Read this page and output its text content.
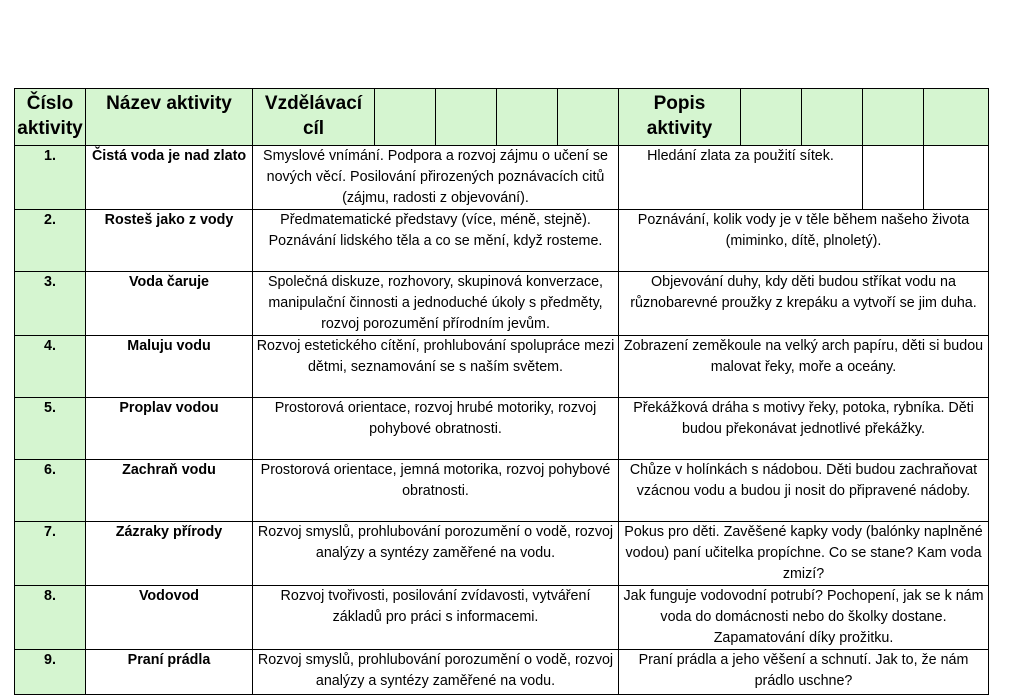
Číslo aktivity	Název aktivity	Vzdělávací cíl					Popis aktivity				
1.	Čistá voda je nad zlato	Smyslové vnímání. Podpora a rozvoj zájmu o učení se nových věcí. Posilování přirozených poznávacích citů (zájmu, radosti z objevování).					Hledání zlata za použití sítek.				
2.	Rosteš jako z vody	Předmatematické představy (více, méně, stejně). Poznávání lidského těla a co se mění, když rosteme.					Poznávání, kolik vody je v těle během našeho života (miminko, dítě, plnoletý).				
3.	Voda čaruje	Společná diskuze, rozhovory, skupinová konverzace, manipulační činnosti a jednoduché úkoly s předměty, rozvoj porozumění přírodním jevům.					Objevování duhy, kdy děti budou stříkat vodu na různobarevné proužky z krepáku a vytvoří se jim duha.				
4.	Maluju vodu	Rozvoj estetického cítění, prohlubování spolupráce mezi dětmi, seznamování se s naším světem.					Zobrazení zeměkoule na velký arch papíru, děti si budou malovat řeky, moře a oceány.				
5.	Proplav vodou	Prostorová orientace, rozvoj hrubé motoriky, rozvoj pohybové obratnosti.					Překážková dráha s motivy řeky, potoka, rybníka. Děti budou překonávat jednotlivé překážky.				
6.	Zachraň vodu	Prostorová orientace, jemná motorika, rozvoj pohybové obratnosti.					Chůze v holínkách s nádobou. Děti budou zachraňovat vzácnou vodu a budou ji nosit do připravené nádoby.				
7.	Zázraky přírody	Rozvoj smyslů, prohlubování porozumění o vodě, rozvoj analýzy a syntézy zaměřené na vodu.					Pokus pro děti. Zavěšené kapky vody (balónky naplněné vodou) paní učitelka propíchne. Co se stane? Kam voda zmizí?				
8.	Vodovod	Rozvoj tvořivosti, posilování zvídavosti, vytváření základů pro práci s informacemi.					Jak funguje vodovodní potrubí? Pochopení, jak se k nám voda do domácnosti nebo do školky dostane. Zapamatování díky prožitku.				
9.	Praní prádla	Rozvoj smyslů, prohlubování porozumění o vodě, rozvoj analýzy a syntézy zaměřené na vodu.					Praní prádla a jeho věšení a schnutí. Jak to, že nám prádlo uschne?				
